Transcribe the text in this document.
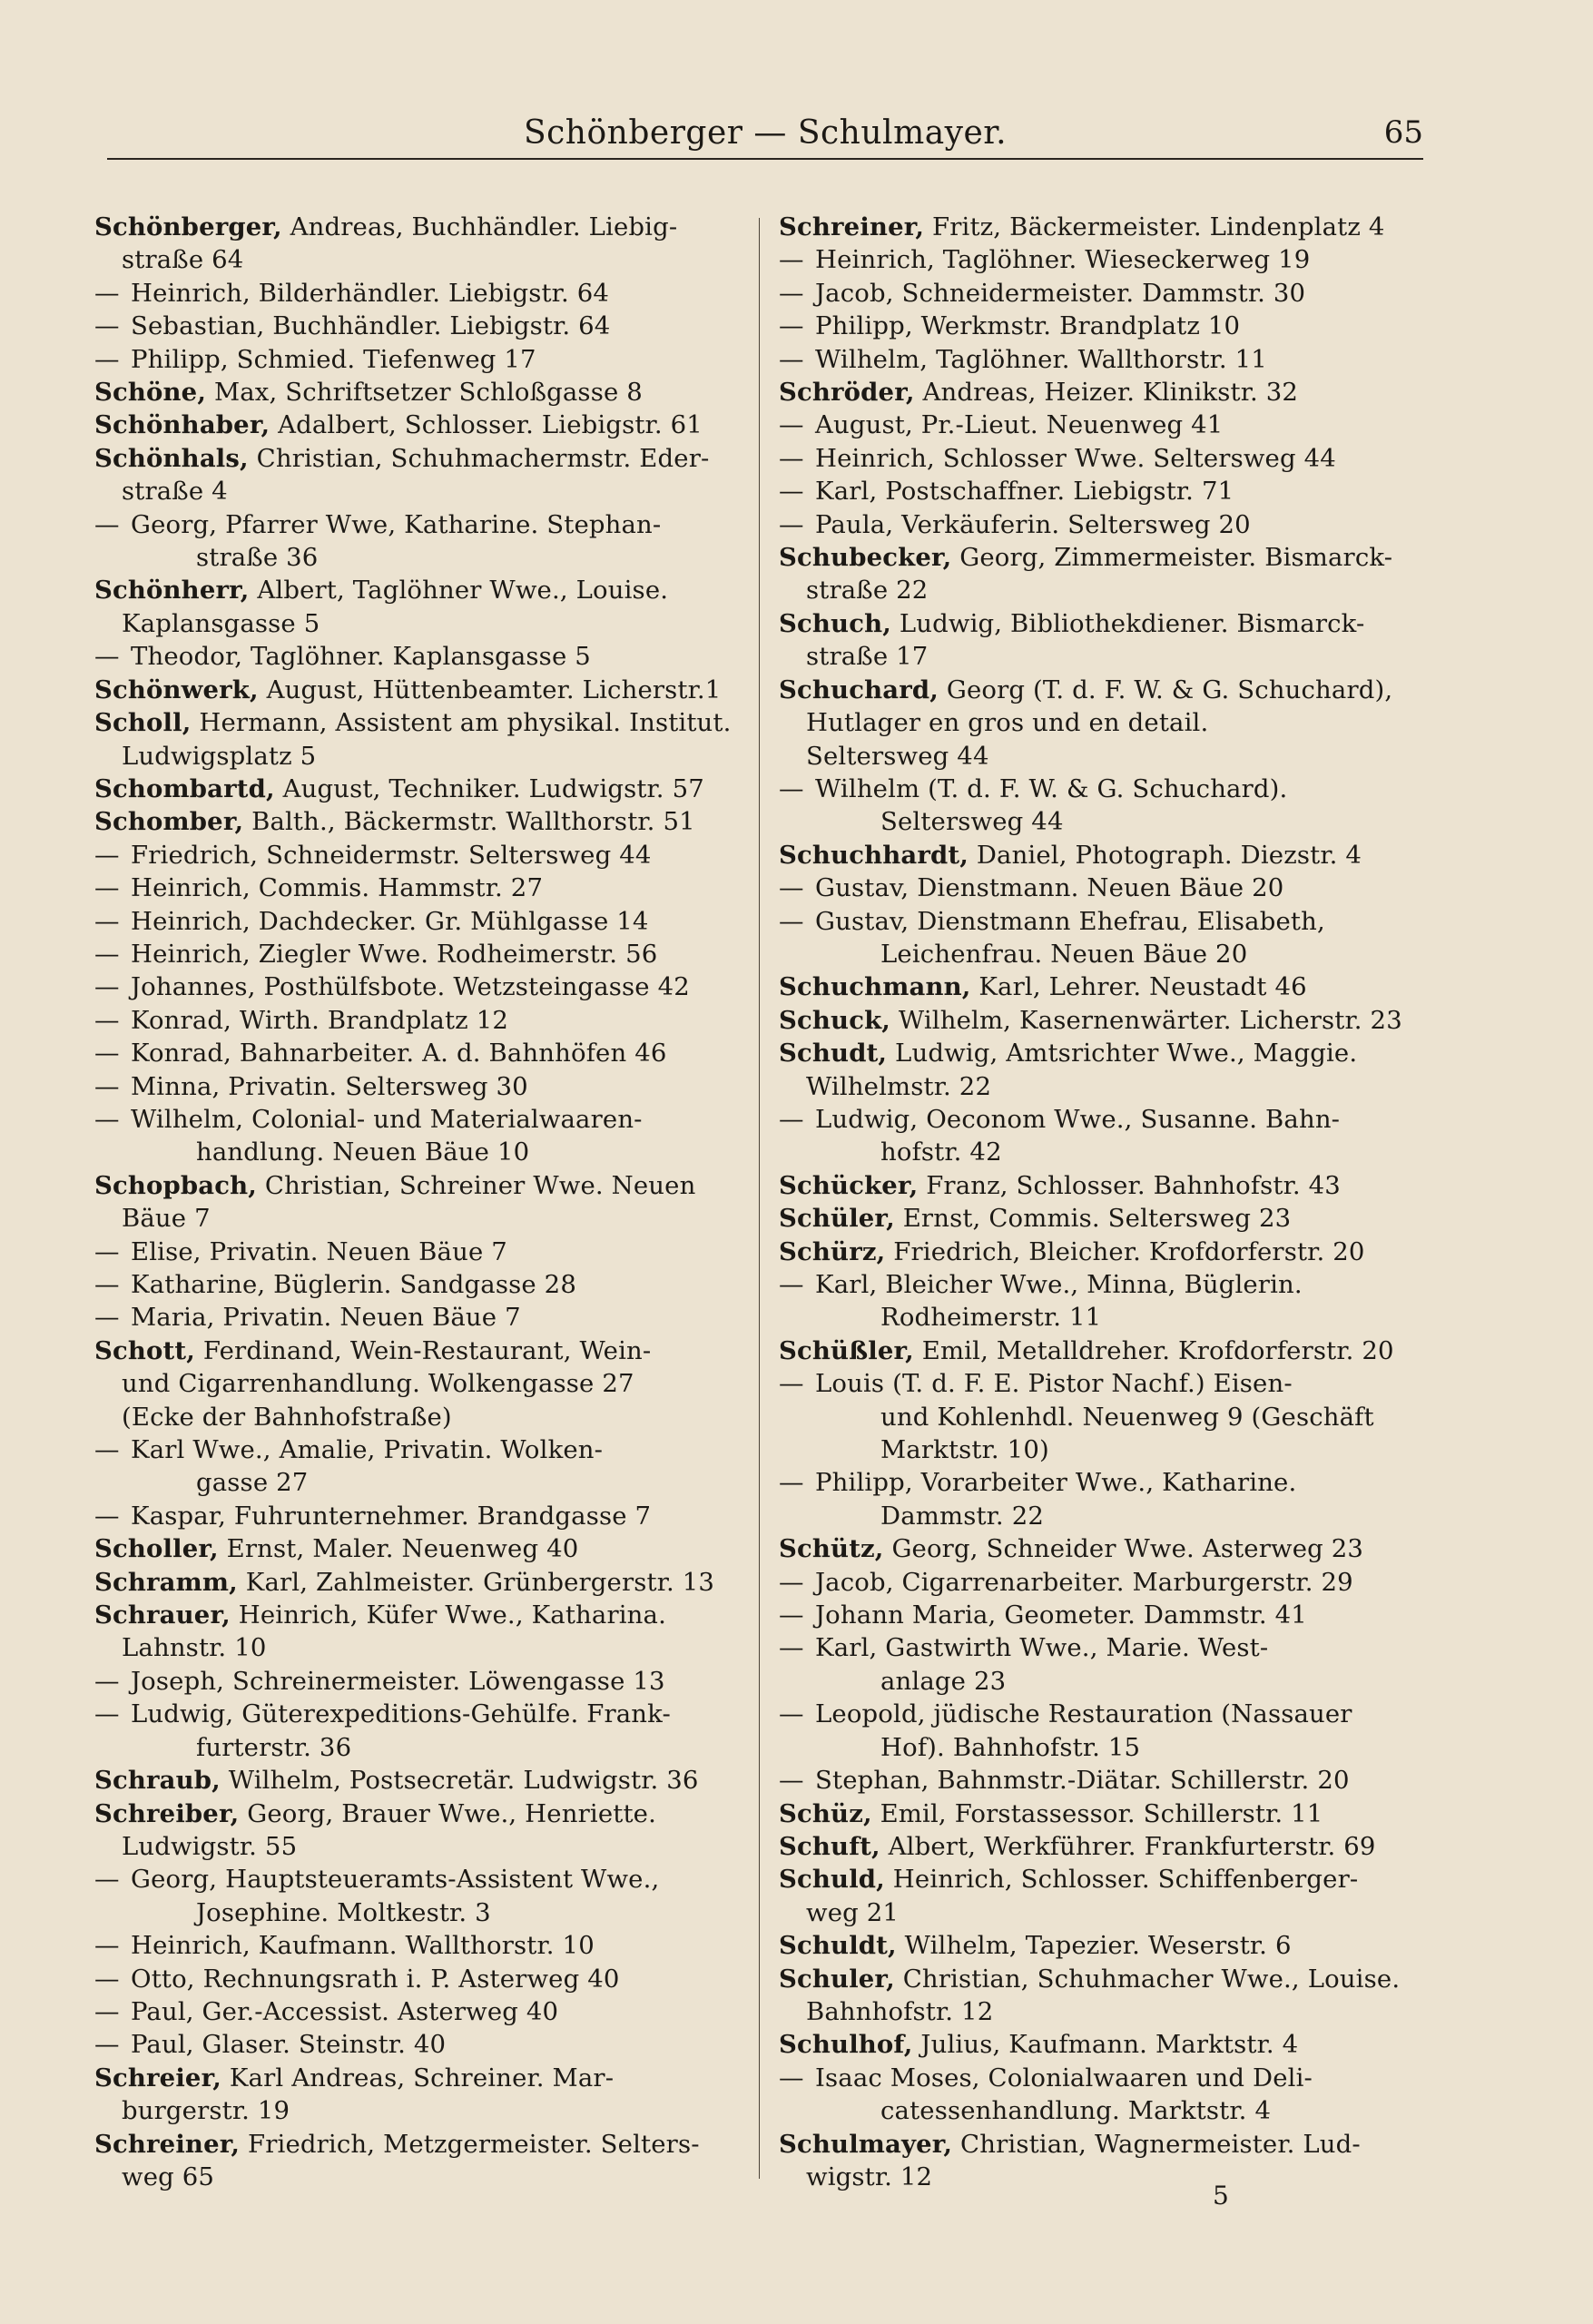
Schönberger — Schulmayer.	65
Schönberger, Andreas, Buchhändler. Liebig-
straße 64
— Heinrich, Bilderhändler. Liebigstr. 64
— Sebastian, Buchhändler. Liebigstr. 64
— Philipp, Schmied. Tiefenweg 17
Schöne, Max, Schriftsetzer Schloßgasse 8
Schönhaber, Adalbert, Schlosser. Liebigstr. 61
Schönhals, Christian, Schuhmachermstr. Eder-
straße 4
— Georg, Pfarrer Wwe, Katharine. Stephan-
straße 36
Schönherr, Albert, Taglöhner Wwe., Louise.
Kaplansgasse 5
— Theodor, Taglöhner. Kaplansgasse 5
Schönwerk, August, Hüttenbeamter. Licherstr.1
Scholl, Hermann, Assistent am physikal. Institut.
Ludwigsplatz 5
Schombartd, August, Techniker. Ludwigstr. 57
Schomber, Balth., Bäckermstr. Wallthorstr. 51
— Friedrich, Schneidermstr. Seltersweg 44
— Heinrich, Commis. Hammstr. 27
— Heinrich, Dachdecker. Gr. Mühlgasse 14
— Heinrich, Ziegler Wwe. Rodheimerstr. 56
— Johannes, Posthülfsbote. Wetzsteingasse 42
— Konrad, Wirth. Brandplatz 12
— Konrad, Bahnarbeiter. A. d. Bahnhöfen 46
— Minna, Privatin. Seltersweg 30
— Wilhelm, Colonial- und Materialwaaren-
handlung. Neuen Bäue 10
Schopbach, Christian, Schreiner Wwe. Neuen
Bäue 7
— Elise, Privatin. Neuen Bäue 7
— Katharine, Büglerin. Sandgasse 28
— Maria, Privatin. Neuen Bäue 7
Schott, Ferdinand, Wein-Restaurant, Wein-
und Cigarrenhandlung. Wolkengasse 27
(Ecke der Bahnhofstraße)
— Karl Wwe., Amalie, Privatin. Wolken-
gasse 27
— Kaspar, Fuhrunternehmer. Brandgasse 7
Scholler, Ernst, Maler. Neuenweg 40
Schramm, Karl, Zahlmeister. Grünbergerstr. 13
Schrauer, Heinrich, Küfer Wwe., Katharina.
Lahnstr. 10
— Joseph, Schreinermeister. Löwengasse 13
— Ludwig, Güterexpeditions-Gehülfe. Frank-
furterstr. 36
Schraub, Wilhelm, Postsecretär. Ludwigstr. 36
Schreiber, Georg, Brauer Wwe., Henriette.
Ludwigstr. 55
— Georg, Hauptsteueramts-Assistent Wwe.,
Josephine. Moltkestr. 3
— Heinrich, Kaufmann. Wallthorstr. 10
— Otto, Rechnungsrath i. P. Asterweg 40
— Paul, Ger.-Accessist. Asterweg 40
— Paul, Glaser. Steinstr. 40
Schreier, Karl Andreas, Schreiner. Mar-
burgerstr. 19
Schreiner, Friedrich, Metzgermeister. Selters-
weg 65
Schreiner, Fritz, Bäckermeister. Lindenplatz 4
— Heinrich, Taglöhner. Wieseckerweg 19
— Jacob, Schneidermeister. Dammstr. 30
— Philipp, Werkmstr. Brandplatz 10
— Wilhelm, Taglöhner. Wallthorstr. 11
Schröder, Andreas, Heizer. Klinikstr. 32
— August, Pr.-Lieut. Neuenweg 41
— Heinrich, Schlosser Wwe. Seltersweg 44
— Karl, Postschaffner. Liebigstr. 71
— Paula, Verkäuferin. Seltersweg 20
Schubecker, Georg, Zimmermeister. Bismarck-
straße 22
Schuch, Ludwig, Bibliothekdiener. Bismarck-
straße 17
Schuchard, Georg (T. d. F. W. & G. Schuchard),
Hutlager en gros und en detail.
Seltersweg 44
— Wilhelm (T. d. F. W. & G. Schuchard).
Seltersweg 44
Schuchhardt, Daniel, Photograph. Diezstr. 4
— Gustav, Dienstmann. Neuen Bäue 20
— Gustav, Dienstmann Ehefrau, Elisabeth,
Leichenfrau. Neuen Bäue 20
Schuchmann, Karl, Lehrer. Neustadt 46
Schuck, Wilhelm, Kasernenwärter. Licherstr. 23
Schudt, Ludwig, Amtsrichter Wwe., Maggie.
Wilhelmstr. 22
— Ludwig, Oeconom Wwe., Susanne. Bahn-
hofstr. 42
Schücker, Franz, Schlosser. Bahnhofstr. 43
Schüler, Ernst, Commis. Seltersweg 23
Schürz, Friedrich, Bleicher. Krofdorferstr. 20
— Karl, Bleicher Wwe., Minna, Büglerin.
Rodheimerstr. 11
Schüßler, Emil, Metalldreher. Krofdorferstr. 20
— Louis (T. d. F. E. Pistor Nachf.) Eisen-
und Kohlenhdl. Neuenweg 9 (Geschäft
Marktstr. 10)
— Philipp, Vorarbeiter Wwe., Katharine.
Dammstr. 22
Schütz, Georg, Schneider Wwe. Asterweg 23
— Jacob, Cigarrenarbeiter. Marburgerstr. 29
— Johann Maria, Geometer. Dammstr. 41
— Karl, Gastwirth Wwe., Marie. West-
anlage 23
— Leopold, jüdische Restauration (Nassauer
Hof). Bahnhofstr. 15
— Stephan, Bahnmstr.-Diätar. Schillerstr. 20
Schüz, Emil, Forstassessor. Schillerstr. 11
Schuft, Albert, Werkführer. Frankfurterstr. 69
Schuld, Heinrich, Schlosser. Schiffenberger-
weg 21
Schuldt, Wilhelm, Tapezier. Weserstr. 6
Schuler, Christian, Schuhmacher Wwe., Louise.
Bahnhofstr. 12
Schulhof, Julius, Kaufmann. Marktstr. 4
— Isaac Moses, Colonialwaaren und Deli-
catessenhandlung. Marktstr. 4
Schulmayer, Christian, Wagnermeister. Lud-
wigstr. 12
5
